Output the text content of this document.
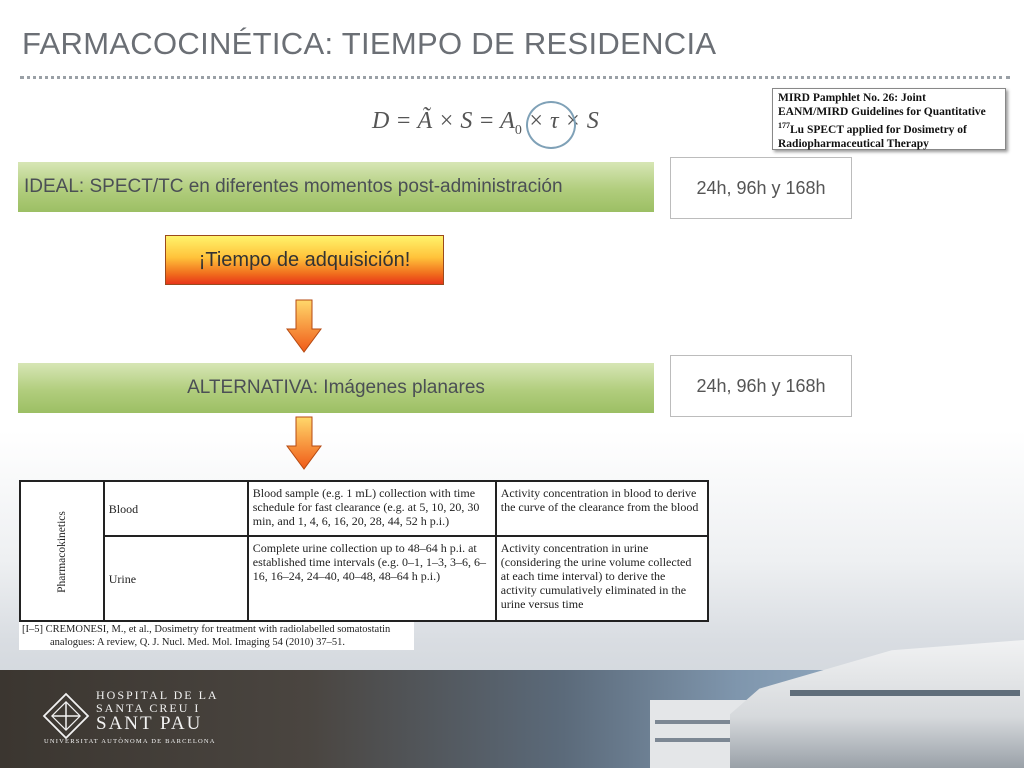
FARMACOCINÉTICA: TIEMPO DE RESIDENCIA
D = Ã × $S = A_0 \times \tau \times S$
MIRD Pamphlet No. 26: Joint
EANM/MIRD Guidelines for Quantitative
$^{177}$Lu SPECT applied for Dosimetry of
Radiopharmaceutical Therapy
IDEAL: SPECT/TC en diferentes momentos post-administración	24h, 96h y 168h
¡Tiempo de adquisición!
ALTERNATIVA: Imágenes planares	24h, 96h y 168h
Pharmacokinetics	Blood	Blood sample (e.g. 1 mL) collection with time schedule for fast clearance (e.g. at 5, 10, 20, 30 min, and 1, 4, 6, 16, 20, 28, 44, 52 h p.i.)	Activity concentration in blood to derive the curve of the clearance from the blood
	Urine	Complete urine collection up to 48–64 h p.i. at established time intervals (e.g. 0–1, 1–3, 3–6, 6–16, 16–24, 24–40, 40–48, 48–64 h p.i.)	Activity concentration in urine (considering the urine volume collected at each time interval) to derive the activity cumulatively eliminated in the urine versus time
[I–5] CREMONESI, M., et al., Dosimetry for treatment with radiolabelled somatostatin
analogues: A review, Q. J. Nucl. Med. Mol. Imaging 54 (2010) 37–51.
HOSPITAL DE LA
SANTA CREU I
SANT PAU
UNIVERSITAT AUTÒNOMA DE BARCELONA
